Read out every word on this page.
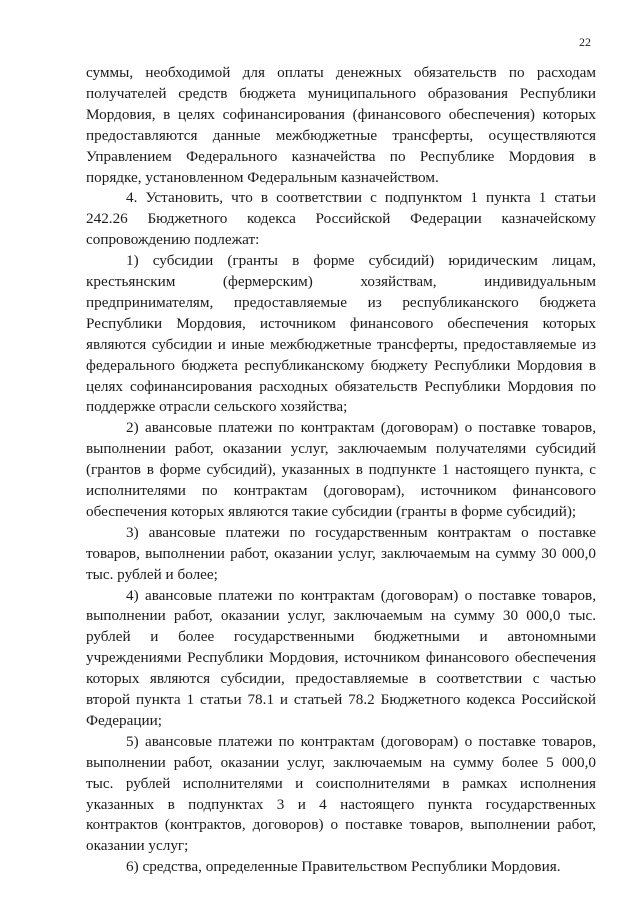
22
суммы, необходимой для оплаты денежных обязательств по расходам
получателей средств бюджета муниципального образования Республики
Мордовия, в целях софинансирования (финансового обеспечения) которых
предоставляются данные межбюджетные трансферты, осуществляются
Управлением Федерального казначейства по Республике Мордовия в
порядке, установленном Федеральным казначейством.
4. Установить, что в соответствии с подпунктом 1 пункта 1 статьи
242.26 Бюджетного кодекса Российской Федерации казначейскому
сопровождению подлежат:
1) субсидии (гранты в форме субсидий) юридическим лицам,
крестьянским (фермерским) хозяйствам, индивидуальным
предпринимателям, предоставляемые из республиканского бюджета
Республики Мордовия, источником финансового обеспечения которых
являются субсидии и иные межбюджетные трансферты, предоставляемые из
федерального бюджета республиканскому бюджету Республики Мордовия в
целях софинансирования расходных обязательств Республики Мордовия по
поддержке отрасли сельского хозяйства;
2) авансовые платежи по контрактам (договорам) о поставке товаров,
выполнении работ, оказании услуг, заключаемым получателями субсидий
(грантов в форме субсидий), указанных в подпункте 1 настоящего пункта, с
исполнителями по контрактам (договорам), источником финансового
обеспечения которых являются такие субсидии (гранты в форме субсидий);
3) авансовые платежи по государственным контрактам о поставке
товаров, выполнении работ, оказании услуг, заключаемым на сумму 30 000,0
тыс. рублей и более;
4) авансовые платежи по контрактам (договорам) о поставке товаров,
выполнении работ, оказании услуг, заключаемым на сумму 30 000,0 тыс.
рублей и более государственными бюджетными и автономными
учреждениями Республики Мордовия, источником финансового обеспечения
которых являются субсидии, предоставляемые в соответствии с частью
второй пункта 1 статьи 78.1 и статьей 78.2 Бюджетного кодекса Российской
Федерации;
5) авансовые платежи по контрактам (договорам) о поставке товаров,
выполнении работ, оказании услуг, заключаемым на сумму более 5 000,0
тыс. рублей исполнителями и соисполнителями в рамках исполнения
указанных в подпунктах 3 и 4 настоящего пункта государственных
контрактов (контрактов, договоров) о поставке товаров, выполнении работ,
оказании услуг;
6) средства, определенные Правительством Республики Мордовия.
